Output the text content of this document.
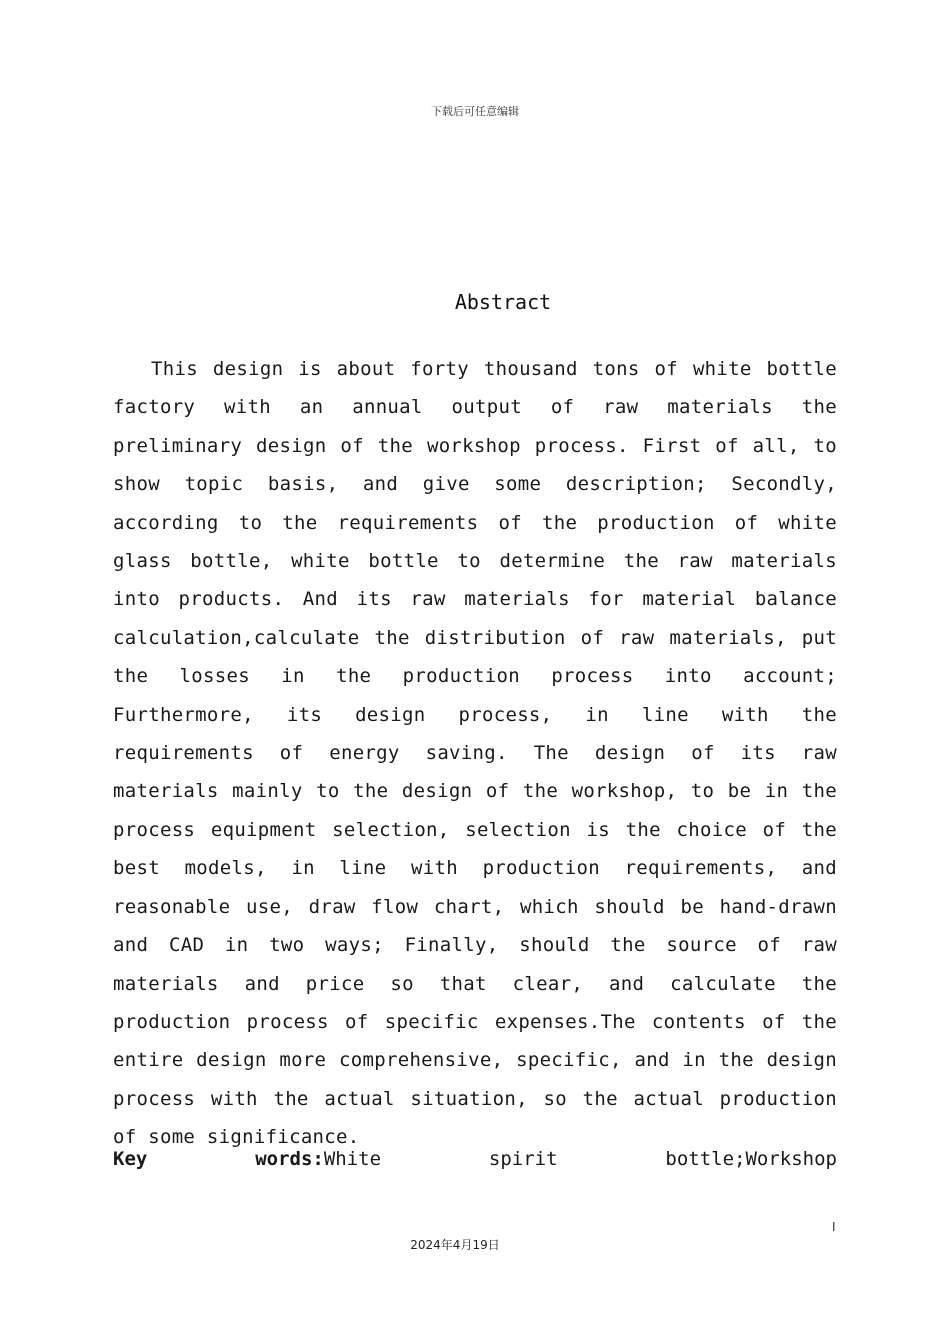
下载后可任意编辑
Abstract

This design is about forty thousand tons of white bottle factory with an annual output of raw materials the preliminary design of the workshop process. First of all, to show topic basis, and give some description; Secondly, according to the requirements of the production of white glass bottle, white bottle to determine the raw materials into products. And its raw materials for material balance calculation,calculate the distribution of raw materials, put the losses in the production process into account; Furthermore, its design process, in line with the requirements of energy saving. The design of its raw materials mainly to the design of the workshop, to be in the process equipment selection, selection is the choice of the best models, in line with production requirements, and reasonable use, draw flow chart, which should be hand-drawn and CAD in two ways; Finally, should the source of raw materials and price so that clear, and calculate the production process of specific expenses.The contents of the entire design more comprehensive, specific, and in the design process with the actual situation, so the actual production of some significance.

Key words:White spirit bottle;Workshop

I
2024年4月19日
